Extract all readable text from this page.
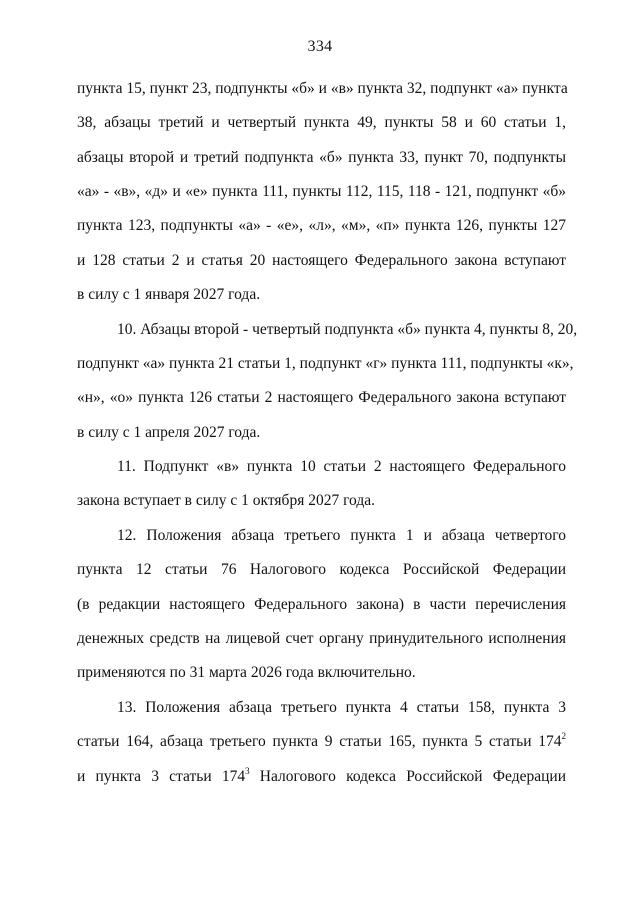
334
пункта 15, пункт 23, подпункты «б» и «в» пункта 32, подпункт «а» пункта
38, абзацы третий и четвертый пункта 49, пункты 58 и 60 статьи 1,
абзацы второй и третий подпункта «б» пункта 33, пункт 70, подпункты
«а» - «в», «д» и «е» пункта 111, пункты 112, 115, 118 - 121, подпункт «б»
пункта 123, подпункты «а» - «е», «л», «м», «п» пункта 126, пункты 127
и 128 статьи 2 и статья 20 настоящего Федерального закона вступают
в силу с 1 января 2027 года.
10. Абзацы второй - четвертый подпункта «б» пункта 4, пункты 8, 20,
подпункт «а» пункта 21 статьи 1, подпункт «г» пункта 111, подпункты «к»,
«н», «о» пункта 126 статьи 2 настоящего Федерального закона вступают
в силу с 1 апреля 2027 года.
11. Подпункт «в» пункта 10 статьи 2 настоящего Федерального
закона вступает в силу с 1 октября 2027 года.
12. Положения абзаца третьего пункта 1 и абзаца четвертого
пункта 12 статьи 76 Налогового кодекса Российской Федерации
(в редакции настоящего Федерального закона) в части перечисления
денежных средств на лицевой счет органу принудительного исполнения
применяются по 31 марта 2026 года включительно.
13. Положения абзаца третьего пункта 4 статьи 158, пункта 3
статьи 164, абзаца третьего пункта 9 статьи 165, пункта 5 статьи $174^2$
и пункта 3 статьи $174^3$ Налогового кодекса Российской Федерации
